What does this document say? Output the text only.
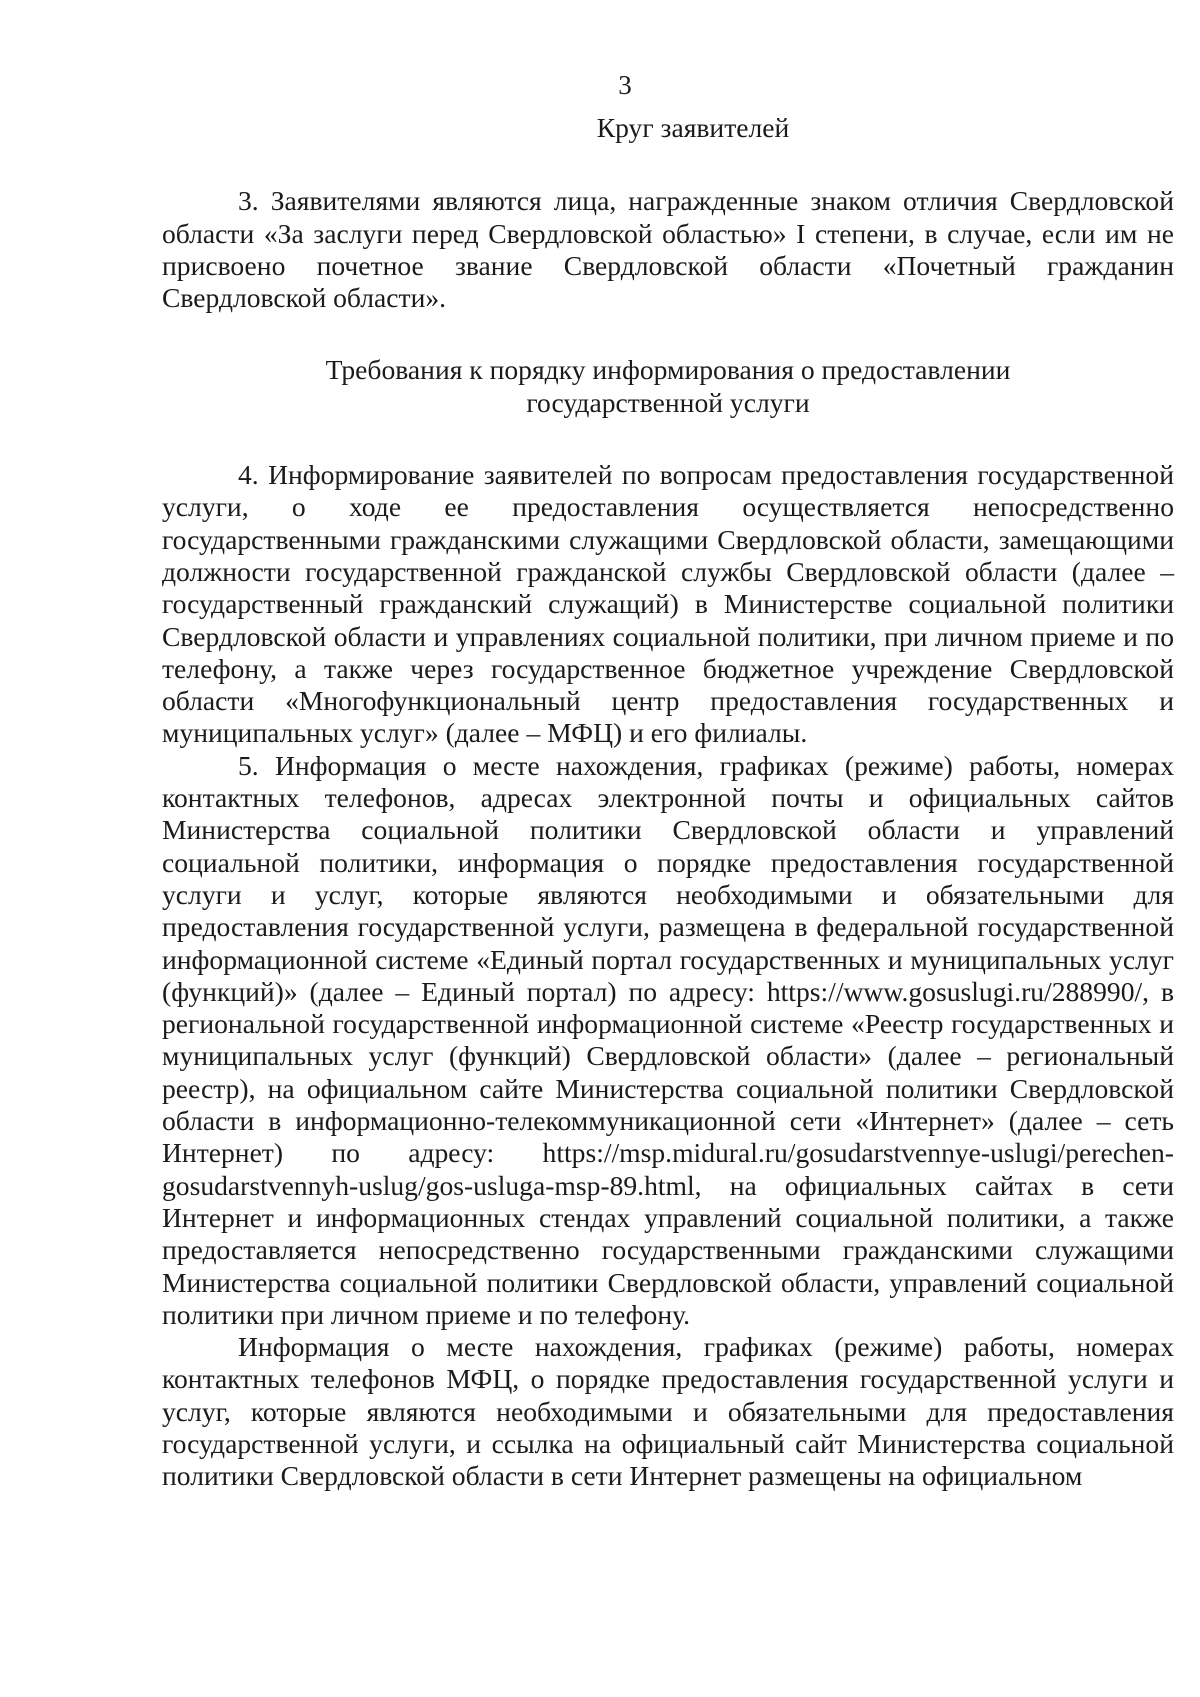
3
Круг заявителей

3. Заявителями являются лица, награжденные знаком отличия Свердловской области «За заслуги перед Свердловской областью» I степени, в случае, если им не присвоено почетное звание Свердловской области «Почетный гражданин Свердловской области».

Требования к порядку информирования о предоставлении
государственной услуги

4. Информирование заявителей по вопросам предоставления государственной услуги, о ходе ее предоставления осуществляется непосредственно государственными гражданскими служащими Свердловской области, замещающими должности государственной гражданской службы Свердловской области (далее – государственный гражданский служащий) в Министерстве социальной политики Свердловской области и управлениях социальной политики, при личном приеме и по телефону, а также через государственное бюджетное учреждение Свердловской области «Многофункциональный центр предоставления государственных и муниципальных услуг» (далее – МФЦ) и его филиалы.

5. Информация о месте нахождения, графиках (режиме) работы, номерах контактных телефонов, адресах электронной почты и официальных сайтов Министерства социальной политики Свердловской области и управлений социальной политики, информация о порядке предоставления государственной услуги и услуг, которые являются необходимыми и обязательными для предоставления государственной услуги, размещена в федеральной государственной информационной системе «Единый портал государственных и муниципальных услуг (функций)» (далее – Единый портал) по адресу: https://www.gosuslugi.ru/288990/, в региональной государственной информационной системе «Реестр государственных и муниципальных услуг (функций) Свердловской области» (далее – региональный реестр), на официальном сайте Министерства социальной политики Свердловской области в информационно-телекоммуникационной сети «Интернет» (далее – сеть Интернет) по адресу: https://msp.midural.ru/gosudarstvennye-uslugi/perechen-gosudarstvennyh-uslug/gos-usluga-msp-89.html, на официальных сайтах в сети Интернет и информационных стендах управлений социальной политики, а также предоставляется непосредственно государственными гражданскими служащими Министерства социальной политики Свердловской области, управлений социальной политики при личном приеме и по телефону.

Информация о месте нахождения, графиках (режиме) работы, номерах контактных телефонов МФЦ, о порядке предоставления государственной услуги и услуг, которые являются необходимыми и обязательными для предоставления государственной услуги, и ссылка на официальный сайт Министерства социальной политики Свердловской области в сети Интернет размещены на официальном
